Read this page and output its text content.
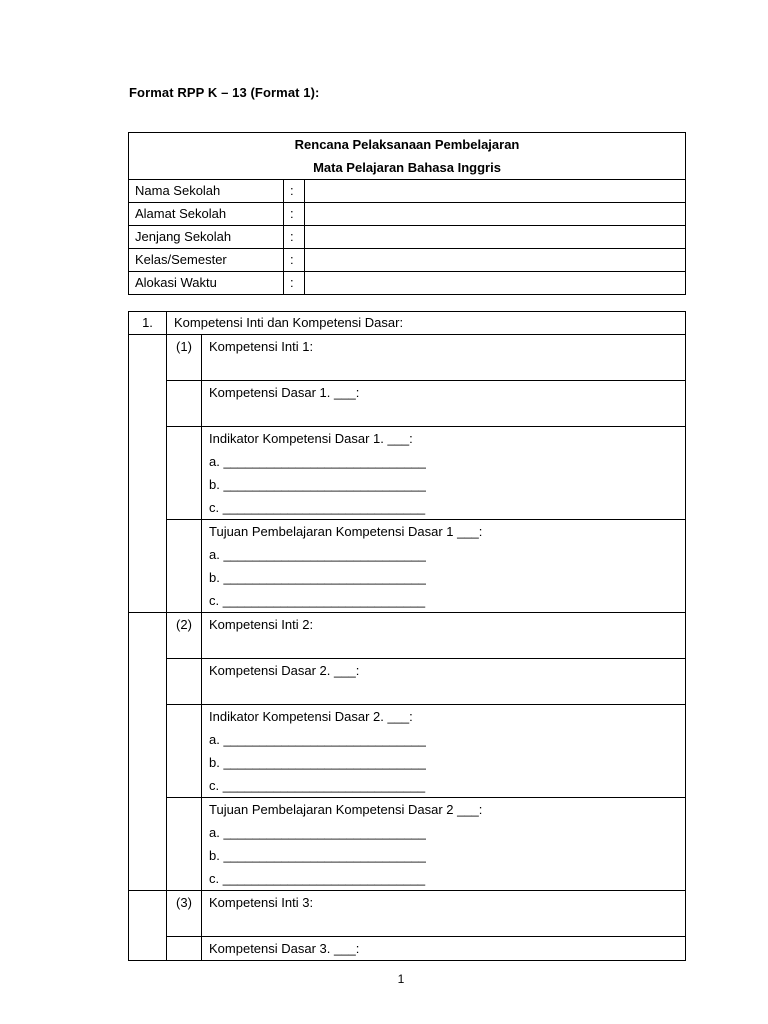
Format RPP K – 13 (Format 1):
Rencana Pelaksanaan Pembelajaran
Mata Pelajaran Bahasa Inggris		

Nama Sekolah	:	
Alamat Sekolah	:	
Jenjang Sekolah	:	
Kelas/Semester	:	
Alokasi Waktu	:	
1.	Kompetensi Inti dan Kompetensi Dasar:	
	(1)	Kompetensi Inti 1:
		Kompetensi Dasar 1. ___:

		Indikator Kompetensi Dasar 1. ___:
a. ____________________________
b. ____________________________
c. ____________________________

		Tujuan Pembelajaran Kompetensi Dasar 1 ___:
a. ____________________________
b. ____________________________
c. ____________________________

	(2)	Kompetensi Inti 2:
		Kompetensi Dasar 2. ___:

		Indikator Kompetensi Dasar 2. ___:
a. ____________________________
b. ____________________________
c. ____________________________

		Tujuan Pembelajaran Kompetensi Dasar 2 ___:
a. ____________________________
b. ____________________________
c. ____________________________

	(3)	Kompetensi Inti 3:
		Kompetensi Dasar 3. ___:
1
